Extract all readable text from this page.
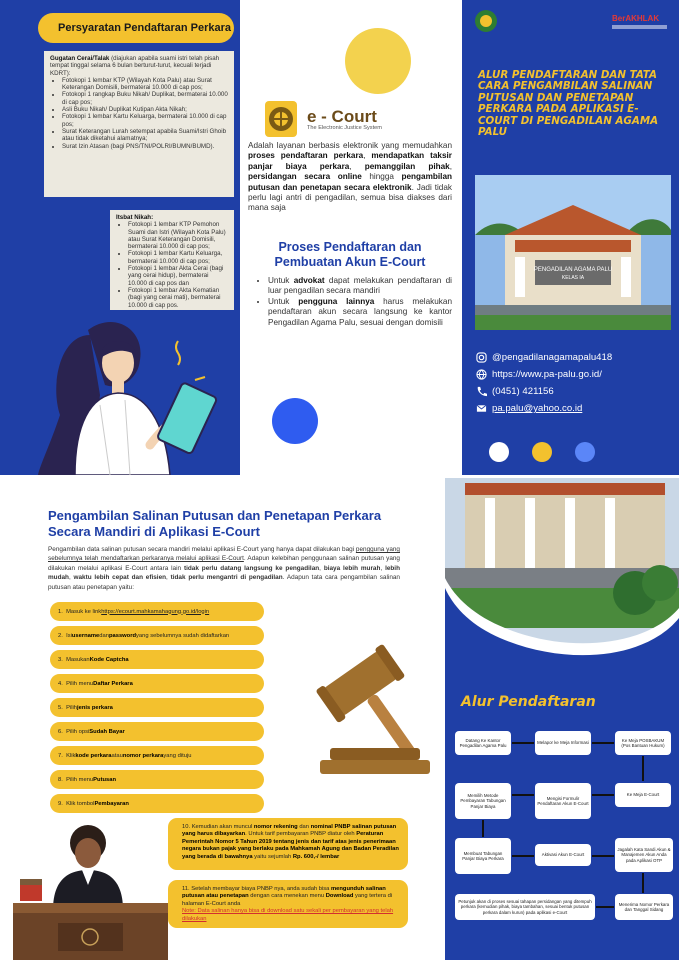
Persyaratan Pendaftaran Perkara
Gugatan Cerai/Talak (diajukan apabila suami istri telah pisah tempat tinggal selama 6 bulan berturut-turut, kecuali terjadi KDRT):
• Fotokopi 1 lembar KTP (Wilayah Kota Palu) atau Surat Keterangan Domisili, bermaterai 10.000 di cap pos;
• Fotokopi 1 rangkap Buku Nikah/ Duplikat, bermaterai 10.000 di cap pos;
• Asli Buku Nikah/ Duplikat Kutipan Akta Nikah;
• Fotokopi 1 lembar Kartu Keluarga, bermaterai 10.000 di cap pos;
• Surat Keterangan Lurah setempat apabila Suami/Istri Ghoib atau tidak diketahui alamatnya;
• Surat Izin Atasan (bagi PNS/TNI/POLRI/BUMN/BUMD).
Itsbat Nikah:
• Fotokopi 1 lembar KTP Pemohon Suami dan Istri (Wilayah Kota Palu) atau Surat Keterangan Domisili, bermaterai 10.000 di cap pos;
• Fotokopi 1 lembar Kartu Keluarga, bermaterai 10.000 di cap pos;
• Fotokopi 1 lembar Akta Cerai (bagi yang cerai hidup), bermaterai 10.000 di cap pos dan
• Fotokopi 1 lembar Akta Kematian (bagi yang cerai mati), bermaterai 10.000 di cap pos.
e - Court
The Electronic Justice System
Adalah layanan berbasis elektronik yang memudahkan proses pendaftaran perkara, mendapatkan taksir panjar biaya perkara, pemanggilan pihak, persidangan secara online hingga pengambilan putusan dan penetapan secara elektronik. Jadi tidak perlu lagi antri di pengadilan, semua bisa diakses dari mana saja
Proses Pendaftaran dan Pembuatan Akun E-Court
• Untuk advokat dapat melakukan pendaftaran di luar pengadilan secara mandiri
• Untuk pengguna lainnya harus melakukan pendaftaran akun secara langsung ke kantor Pengadilan Agama Palu, sesuai dengan domisili
BerAKHLAK
ALUR PENDAFTARAN DAN TATA CARA PENGAMBILAN SALINAN PUTUSAN DAN PENETAPAN PERKARA PADA APLIKASI E-COURT DI PENGADILAN AGAMA PALU
PENGADILAN AGAMA PALU
KELAS IA
@pengadilanagamapalu418
https://www.pa-palu.go.id/
(0451) 421156
pa.palu@yahoo.co.id
Pengambilan Salinan Putusan dan Penetapan Perkara Secara Mandiri di Aplikasi E-Court
Pengambilan data salinan putusan secara mandiri melalui aplikasi E-Court yang hanya dapat dilakukan bagi pengguna yang sebelumnya telah mendaftarkan perkaranya melalui aplikasi E-Court. Adapun kelebihan penggunaan salinan putusan yang dilakukan melalui aplikasi E-Court antara lain tidak perlu datang langsung ke pengadilan, biaya lebih murah, lebih mudah, waktu lebih cepat dan efisien, tidak perlu mengantri di pengadilan. Adapun tata cara pengambilan salinan putusan atau penetapan yaitu:
1.
Masuk ke link https://ecourt.mahkamahagung.go.id/login
2.
Isi username dan password yang sebelumnya sudah didaftarkan
3.
Masukan Kode Captcha
4.
Pilih menu Daftar Perkara
5.
Pilih jenis perkara
6.
Pilih opsi Sudah Bayar
7.
Klik kode perkara atau nomor perkara yang dituju
8.
Pilih menu Putusan
9.
Klik tombol Pembayaran
10. Kemudian akan muncul nomor rekening dan nominal PNBP salinan putusan yang harus dibayarkan. Untuk tarif pembayaran PNBP diatur oleh Peraturan Pemerintah Nomor 5 Tahun 2019 tentang jenis dan tarif atas jenis penerimaan negara bukan pajak yang berlaku pada Mahkamah Agung dan Badan Peradilan yang berada di bawahnya yaitu sejumlah Rp. 600,-/ lembar
11. Setelah membayar biaya PNBP nya, anda sudah bisa mengunduh salinan putusan atau penetapan dengan cara menekan menu Download yang tertera di halaman E-Court anda
Note: Data salinan hanya bisa di download satu sekali per pembayaran yang telah dilakukan
Alur Pendaftaran
Datang Ke Kantor Pengadilan Agama Palu
Melapor ke Meja Informasi
Ke Meja POSBAKUM (Pos Bantuan Hukum)
Ke Meja E-Court
Mengisi Formulir Pendaftaran Akun E-Court
Memilih Metode Pembayaran Tabungan Panjar Biaya
Membuat Tabungan Panjar Biaya Perkara
Aktivasi Akun E-Court
Jagalah Kata Sandi Akun & Manajemen Akun Anda pada Aplikasi OTP
Petunjuk akan di proses sesuai tahapan persidangan yang ditempuh perkara (kemudian pihak, biaya tambahan, sesuai bentuk putusan perkara dalam kurun) pada aplikasi e-Court
Menerima Nomor Perkara dan Tanggal Sidang
